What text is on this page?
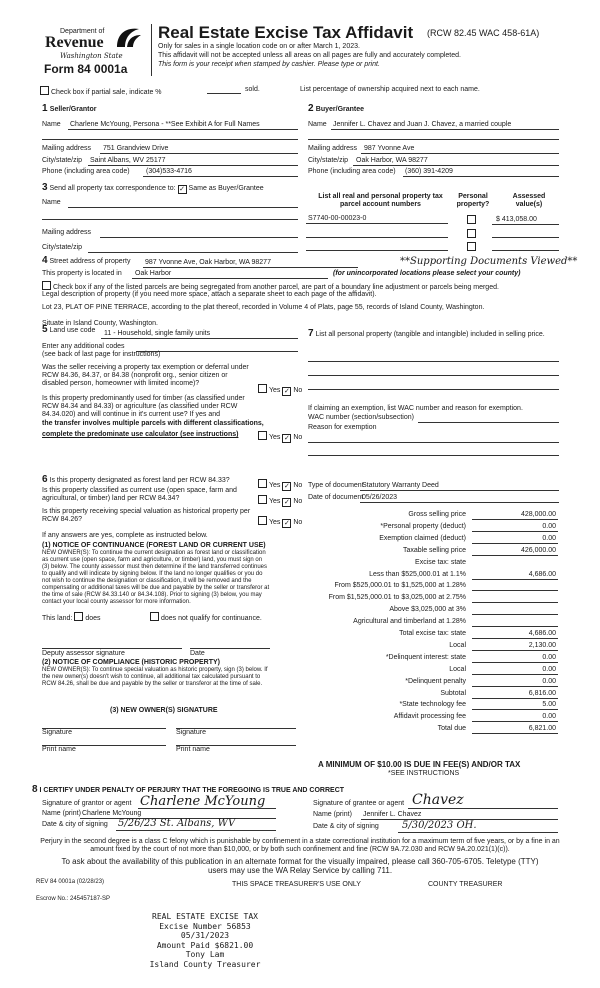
Department of
Revenue
Washington State
Form 84 0001a
Real Estate Excise Tax Affidavit (RCW 82.45 WAC 458-61A)
Only for sales in a single location code on or after March 1, 2023.
This affidavit will not be accepted unless all areas on all pages are fully and accurately completed.
This form is your receipt when stamped by cashier. Please type or print.
Check box if partial sale, indicate %	sold.	List percentage of ownership acquired next to each name.
1 Seller/Grantor
Name Charlene McYoung, Persona - **See Exhibit A for Full Names
Mailing address 751 Grandview Drive
City/state/zip Saint Albans, WV 25177
Phone (including area code) (304)533-4716
2 Buyer/Grantee
Name Jennifer L. Chavez and Juan J. Chavez, a married couple
Mailing address 987 Yvonne Ave
City/state/zip Oak Harbor, WA 98277
Phone (including area code) (360) 391-4209
3 Send all property tax correspondence to: ✓ Same as Buyer/Grantee
Name
Mailing address
City/state/zip
List all real and personal property tax parcel account numbers
Personal property?
Assessed value(s)
S7740-00-00023-0	$ 413,058.00
4 Street address of property 987 Yvonne Ave, Oak Harbor, WA 98277	**Supporting Documents Viewed**
This property is located in Oak Harbor	(for unincorporated locations please select your county)
Check box if any of the listed parcels are being segregated from another parcel, are part of a boundary line adjustment or parcels being merged.
Legal description of property (if you need more space, attach a separate sheet to each page of the affidavit).
Lot 23, PLAT OF PINE TERRACE, according to the plat thereof, recorded in Volume 4 of Plats, page 55, records of Island County, Washington.
Situate in Island County, Washington.
5 Land use code 11 - Household, single family units
Enter any additional codes
(see back of last page for instructions)
Was the seller receiving a property tax exemption or deferral under RCW 84.36, 84.37, or 84.38 (nonprofit org., senior citizen or disabled person, homeowner with limited income)?
Yes ✓ No
Is this property predominantly used for timber (as classified under RCW 84.34 and 84.33) or agriculture (as classified under RCW 84.34.020) and will continue in it's current use? If yes and
the transfer involves multiple parcels with different classifications,
complete the predominate use calculator (see instructions)	Yes ✓ No
7 List all personal property (tangible and intangible) included in selling price.
If claiming an exemption, list WAC number and reason for exemption.
WAC number (section/subsection)
Reason for exemption
6 Is this property designated as forest land per RCW 84.33?
Yes ✓ No
Is this property classified as current use (open space, farm and agricultural, or timber) land per RCW 84.34?	Yes ✓ No
Is this property receiving special valuation as historical property per RCW 84.26?	Yes ✓ No
If any answers are yes, complete as instructed below.
(1) NOTICE OF CONTINUANCE (FOREST LAND OR CURRENT USE)
NEW OWNER(S): To continue the current designation as forest land or classification as current use (open space, farm and agriculture, or timber) land, you must sign on (3) below. The county assessor must then determine if the land transferred continues to qualify and will indicate by signing below. If the land no longer qualifies or you do not wish to continue the designation or classification, it will be removed and the compensating or additional taxes will be due and payable by the seller or transferor at the time of sale (RCW 84.33.140 or 84.34.108). Prior to signing (3) below, you may contact your local county assessor for more information.
This land: does	does not qualify for continuance.
Deputy assessor signature	Date
(2) NOTICE OF COMPLIANCE (HISTORIC PROPERTY)
NEW OWNER(S): To continue special valuation as historic property, sign (3) below. If the new owner(s) doesn't wish to continue, all additional tax calculated pursuant to RCW 84.26, shall be due and payable by the seller or transferor at the time of sale.
(3) NEW OWNER(S) SIGNATURE
Signature	Signature
Print name	Print name
Type of document
Statutory Warranty Deed
Date of document
05/26/2023
Gross selling price	428,000.00
*Personal property (deduct)	0.00
Exemption claimed (deduct)	0.00
Taxable selling price	426,000.00
Excise tax: state
Less than $525,000.01 at 1.1%	4,686.00
From $525,000.01 to $1,525,000 at 1.28%
From $1,525,000.01 to $3,025,000 at 2.75%
Above $3,025,000 at 3%
Agricultural and timberland at 1.28%
Total excise tax: state	4,686.00
Local	2,130.00
*Delinquent interest: state	0.00
Local	0.00
*Delinquent penalty	0.00
Subtotal	6,816.00
*State technology fee	5.00
Affidavit processing fee	0.00
Total due	6,821.00
A MINIMUM OF $10.00 IS DUE IN FEE(S) AND/OR TAX
*SEE INSTRUCTIONS
8 I CERTIFY UNDER PENALTY OF PERJURY THAT THE FOREGOING IS TRUE AND CORRECT
Signature of grantor or agent Charlene McYoung
Name (print) Charlene McYoung
Date & city of signing 5/26/23 St. Albans, WV
Signature of grantee or agent Chavez
Name (print) Jennifer L. Chavez
Date & city of signing 5/30/2023 OH.
Perjury in the second degree is a class C felony which is punishable by confinement in a state correctional institution for a maximum term of five years, or by a fine in an amount fixed by the court of not more than $10,000, or by both such confinement and fine (RCW 9A.72.030 and RCW 9A.20.021(1)(c)).
To ask about the availability of this publication in an alternate format for the visually impaired, please call 360-705-6705. Teletype (TTY) users may use the WA Relay Service by calling 711.
REV 84 0001a (02/28/23)	THIS SPACE TREASURER'S USE ONLY	COUNTY TREASURER
Escrow No.: 245457187-SP
REAL ESTATE EXCISE TAX
Excise Number 56853
05/31/2023
Amount Paid $6821.00
Tony Lam
Island County Treasurer
